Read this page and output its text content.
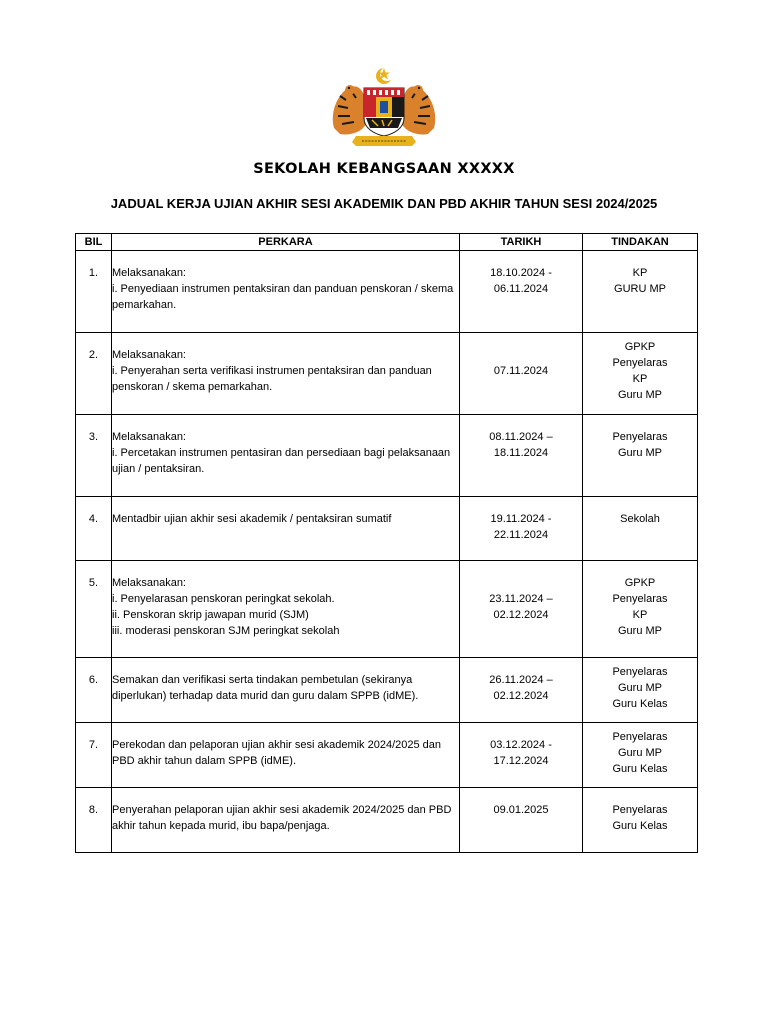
SEKOLAH KEBANGSAAN XXXXX
JADUAL KERJA UJIAN AKHIR SESI AKADEMIK DAN PBD AKHIR TAHUN SESI 2024/2025
BIL	PERKARA	TARIKH	TINDAKAN
1.	Melaksanakan:
i. Penyediaan instrumen pentaksiran dan panduan penskoran / skema
pemarkahan.	18.10.2024 -
06.11.2024	KP
GURU MP

2.	Melaksanakan:
i. Penyerahan serta verifikasi instrumen pentaksiran dan panduan
penskoran / skema pemarkahan.	07.11.2024	GPKP
Penyelaras
KP
Guru MP

3.	Melaksanakan:
i. Percetakan instrumen pentasiran dan persediaan bagi pelaksanaan
ujian / pentaksiran.	08.11.2024 –
18.11.2024	Penyelaras
Guru MP

4.	Mentadbir ujian akhir sesi akademik / pentaksiran sumatif	19.11.2024 -
22.11.2024	Sekolah

5.	Melaksanakan:
i. Penyelarasan penskoran peringkat sekolah.
ii. Penskoran skrip jawapan murid (SJM)
iii. moderasi penskoran SJM peringkat sekolah	23.11.2024 –
02.12.2024	GPKP
Penyelaras
KP
Guru MP

6.	Semakan dan verifikasi serta tindakan pembetulan (sekiranya
diperlukan) terhadap data murid dan guru dalam SPPB (idME).	26.11.2024 –
02.12.2024	Penyelaras
Guru MP
Guru Kelas

7.	Perekodan dan pelaporan ujian akhir sesi akademik 2024/2025 dan
PBD akhir tahun dalam SPPB (idME).	03.12.2024 -
17.12.2024	Penyelaras
Guru MP
Guru Kelas

8.	Penyerahan pelaporan ujian akhir sesi akademik 2024/2025 dan PBD
akhir tahun kepada murid, ibu bapa/penjaga.	09.01.2025	Penyelaras
Guru Kelas
